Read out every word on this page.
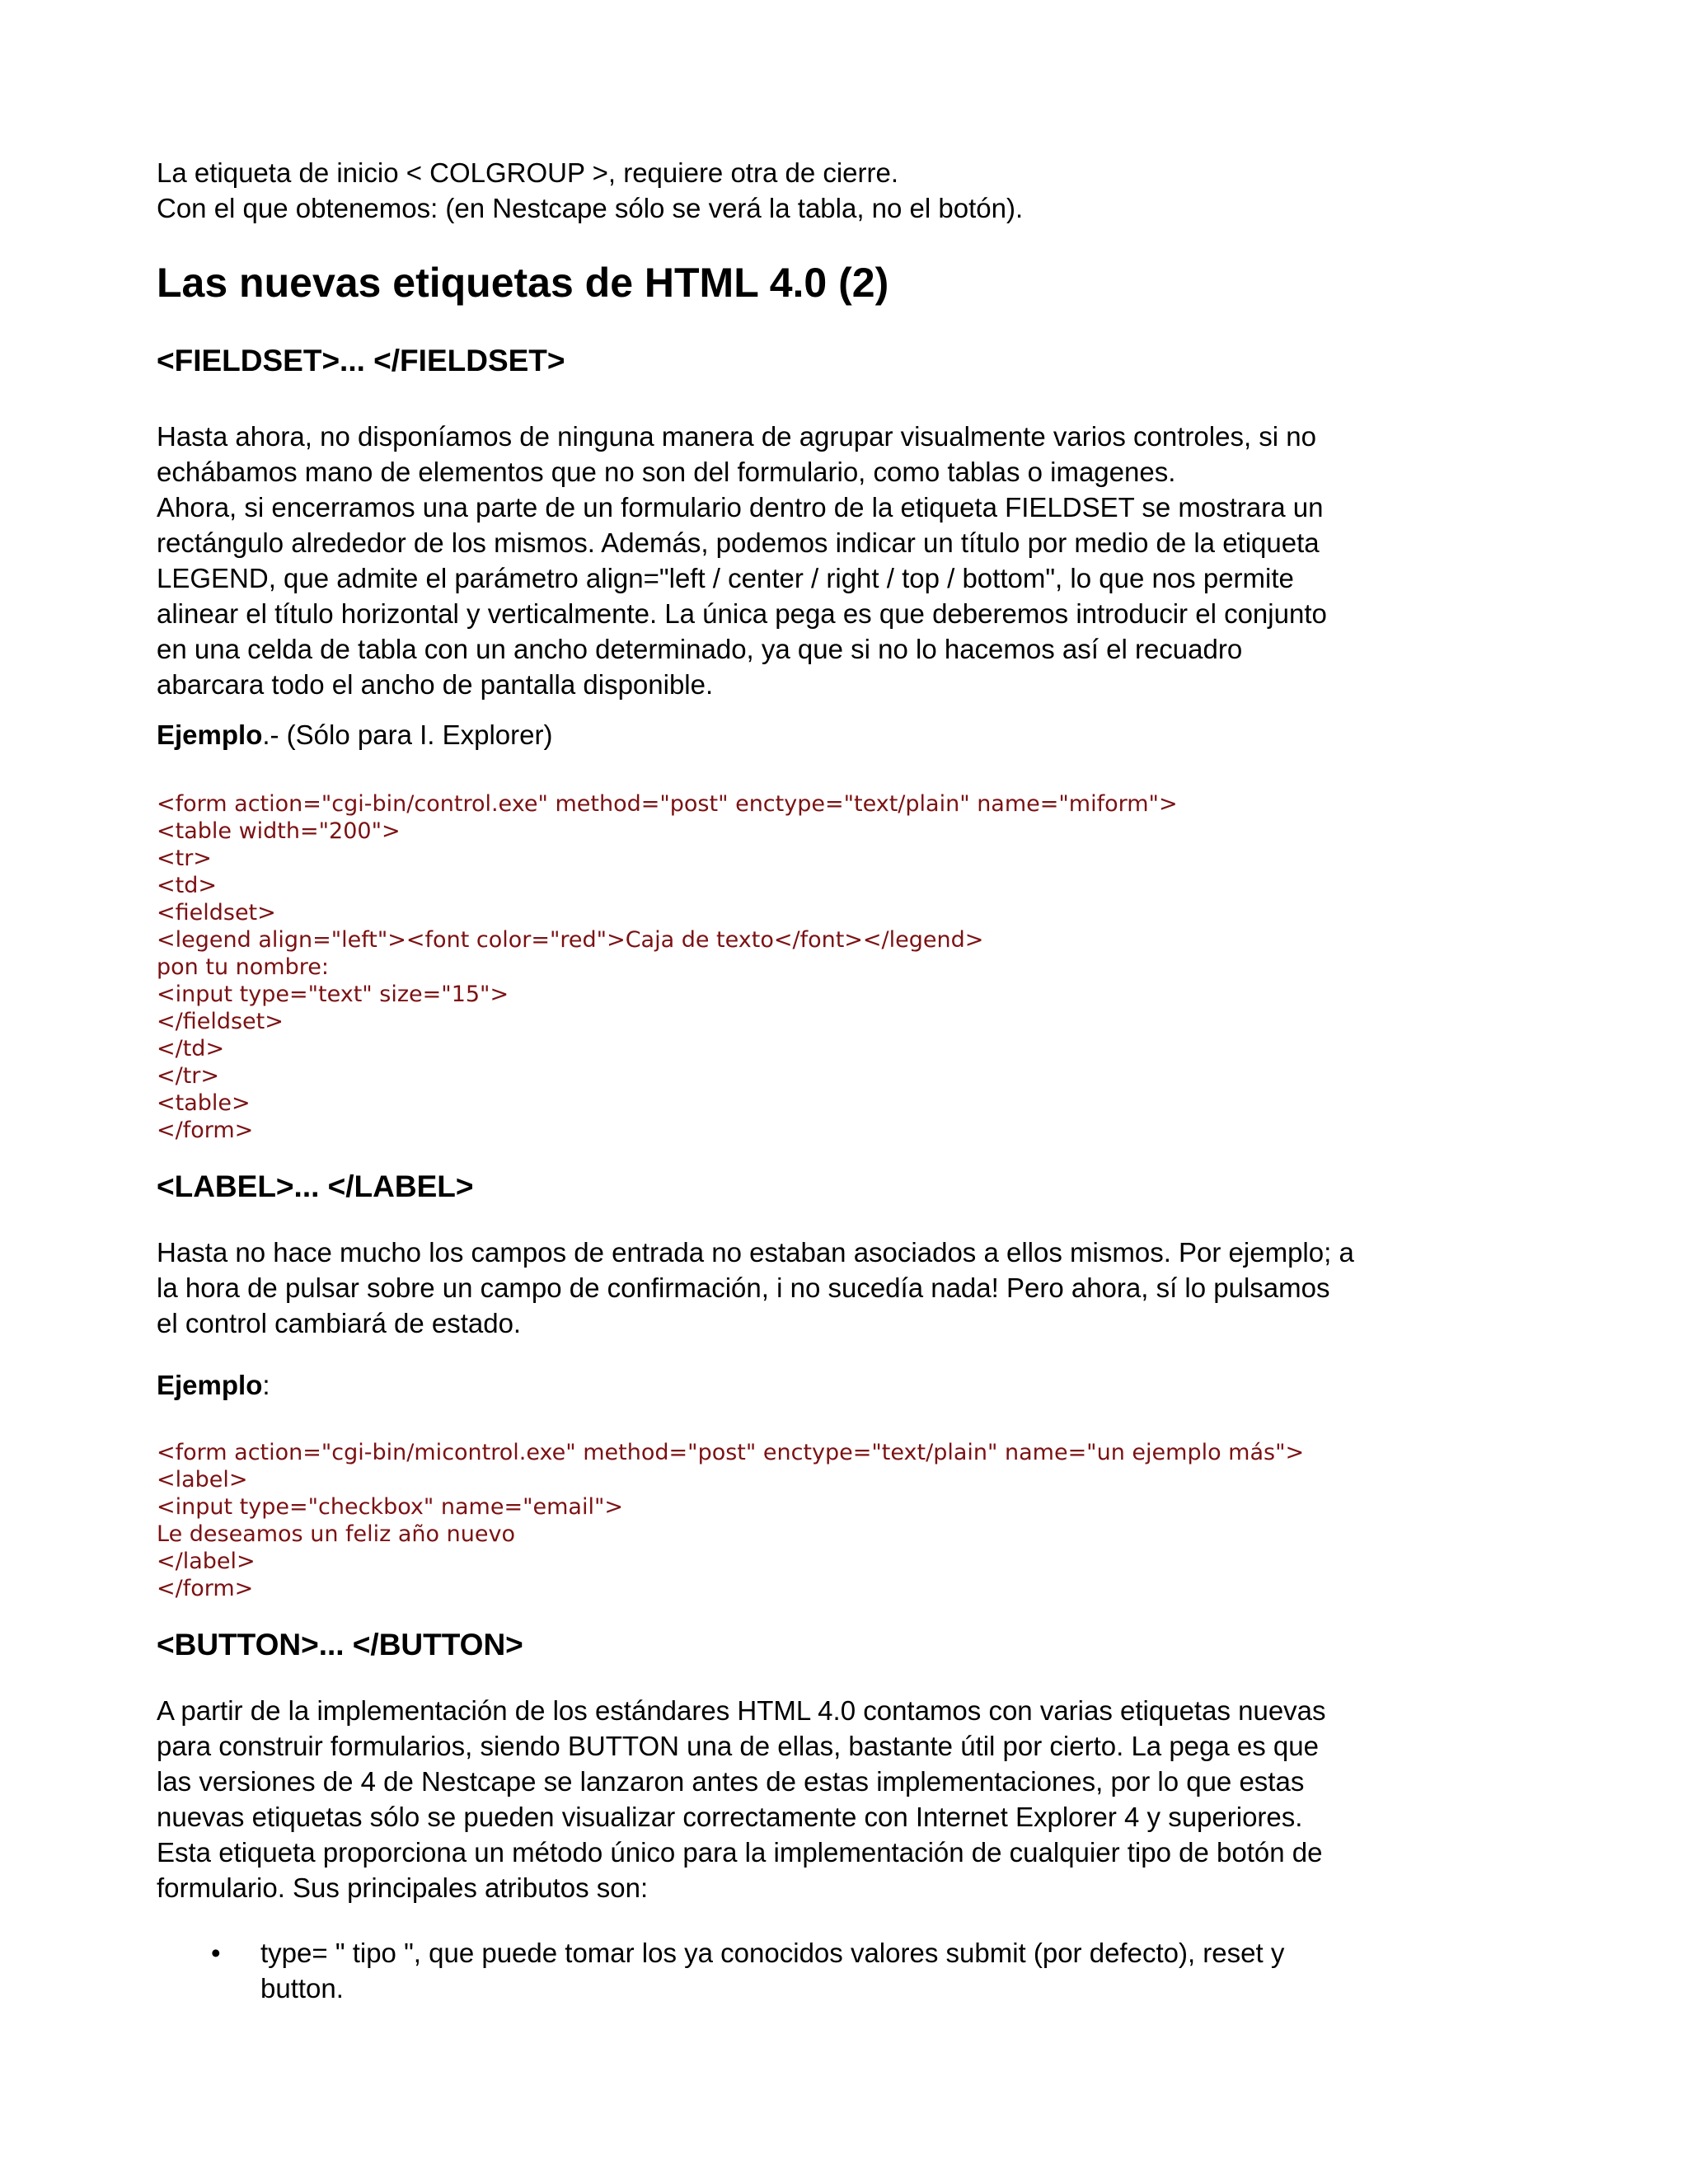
La etiqueta de inicio < COLGROUP >, requiere otra de cierre.
Con el que obtenemos: (en Nestcape sólo se verá la tabla, no el botón).
Las nuevas etiquetas de HTML 4.0 (2)
<FIELDSET>... </FIELDSET>
Hasta ahora, no disponíamos de ninguna manera de agrupar visualmente varios controles, si no
echábamos mano de elementos que no son del formulario, como tablas o imagenes.
Ahora, si encerramos una parte de un formulario dentro de la etiqueta FIELDSET se mostrara un
rectángulo alrededor de los mismos. Además, podemos indicar un título por medio de la etiqueta
LEGEND, que admite el parámetro align="left / center / right / top / bottom", lo que nos permite
alinear el título horizontal y verticalmente. La única pega es que deberemos introducir el conjunto
en una celda de tabla con un ancho determinado, ya que si no lo hacemos así el recuadro
abarcara todo el ancho de pantalla disponible.

Ejemplo.- (Sólo para I. Explorer)

<form action="cgi-bin/control.exe" method="post" enctype="text/plain" name="miform">
<table width="200">
<tr>
<td>
<fieldset>
<legend align="left"><font color="red">Caja de texto</font></legend>
pon tu nombre:
<input type="text" size="15">
</fieldset>
</td>
</tr>
<table>
</form>
<LABEL>... </LABEL>
Hasta no hace mucho los campos de entrada no estaban asociados a ellos mismos. Por ejemplo; a
la hora de pulsar sobre un campo de confirmación, i no sucedía nada! Pero ahora, sí lo pulsamos
el control cambiará de estado.

Ejemplo:

<form action="cgi-bin/micontrol.exe" method="post" enctype="text/plain" name="un ejemplo más">
<label>
<input type="checkbox" name="email">
Le deseamos un feliz año nuevo
</label>
</form>
<BUTTON>... </BUTTON>
A partir de la implementación de los estándares HTML 4.0 contamos con varias etiquetas nuevas
para construir formularios, siendo BUTTON una de ellas, bastante útil por cierto. La pega es que
las versiones de 4 de Nestcape se lanzaron antes de estas implementaciones, por lo que estas
nuevas etiquetas sólo se pueden visualizar correctamente con Internet Explorer 4 y superiores.
Esta etiqueta proporciona un método único para la implementación de cualquier tipo de botón de
formulario. Sus principales atributos son:
•	type= " tipo ", que puede tomar los ya conocidos valores submit (por defecto), reset y
button.
